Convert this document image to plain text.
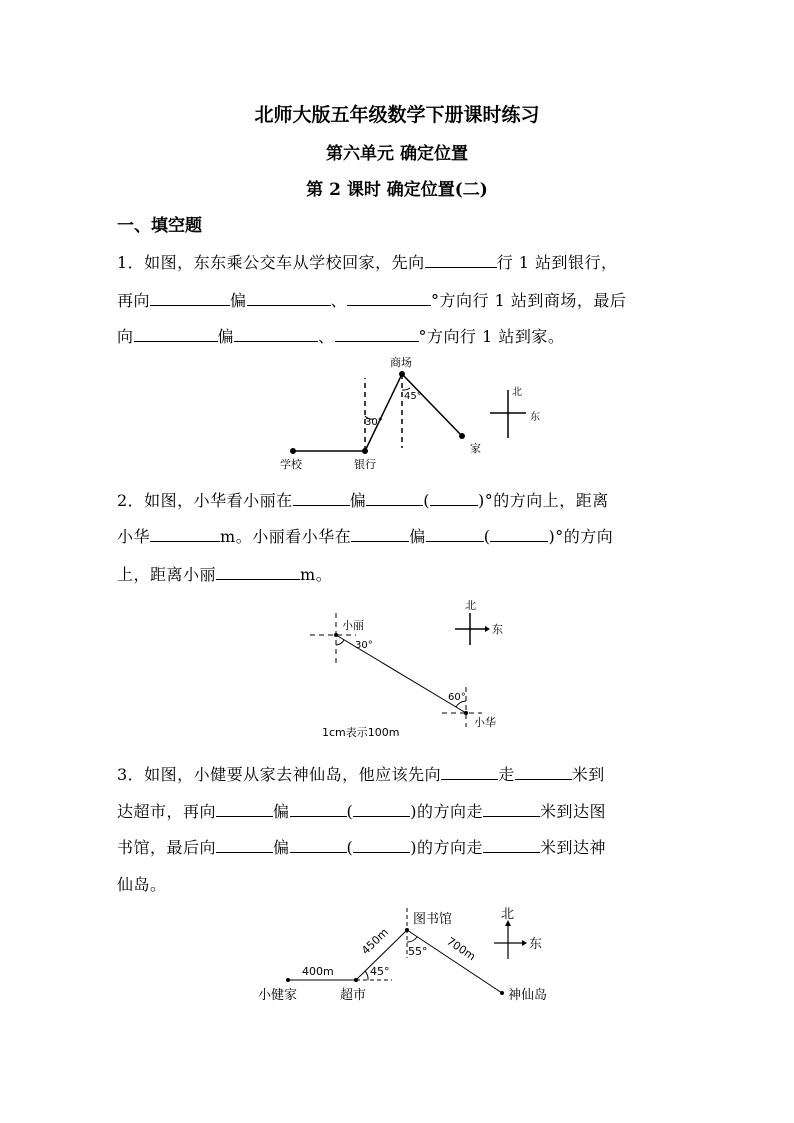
北师大版五年级数学下册课时练习
第六单元 确定位置
第 2 课时 确定位置(二)
一、填空题
1．如图，东东乘公交车从学校回家，先向	行 1 站到银行，
再向	偏	、	°方向行 1 站到商场，最后
向	偏	、	°方向行 1 站到家。
学校	银行
商场
家
30°
45°	北
东
2．如图，小华看小丽在	偏	(	)°的方向上，距离
小华	m。小丽看小华在	偏	(	)°的方向
上，距离小丽	m。
小丽
小华
30°
60°
1cm表示100m
北
东
3．如图，小健要从家去神仙岛，他应该先向	走	米到
达超市，再向	偏	(	)的方向走	米到达图
书馆，最后向	偏	(	)的方向走	米到达神
仙岛。
小健家	超市
图书馆
神仙岛
400m
450m	700m
45°
55°
北
东
